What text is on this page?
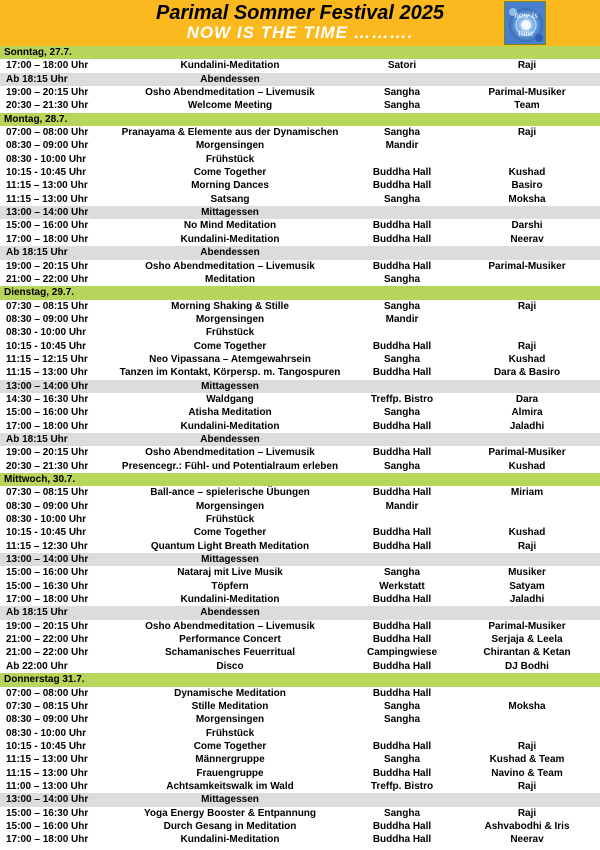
Parimal Sommer Festival 2025
NOW IS THE TIME ……….
now is
time
Sonntag, 27.7.
17:00 – 18:00 Uhr	Kundalini-Meditation	Satori	Raji
Ab 18:15 Uhr	Abendessen
19:00 – 20:15 Uhr	Osho Abendmeditation – Livemusik	Sangha	Parimal-Musiker
20:30 – 21:30 Uhr	Welcome Meeting	Sangha	Team
Montag, 28.7.
07:00 – 08:00 Uhr	Pranayama & Elemente aus der Dynamischen	Sangha	Raji
08:30 – 09:00 Uhr	Morgensingen	Mandir
08:30 - 10:00 Uhr	Frühstück
10:15 - 10:45 Uhr	Come Together	Buddha Hall	Kushad
11:15 – 13:00 Uhr	Morning Dances	Buddha Hall	Basiro
11:15 – 13:00 Uhr	Satsang	Sangha	Moksha
13:00 – 14:00 Uhr	Mittagessen
15:00 – 16:00 Uhr	No Mind Meditation	Buddha Hall	Darshi
17:00 – 18:00 Uhr	Kundalini-Meditation	Buddha Hall	Neerav
Ab 18:15 Uhr	Abendessen
19:00 – 20:15 Uhr	Osho Abendmeditation – Livemusik	Buddha Hall	Parimal-Musiker
21:00 – 22:00 Uhr	Meditation	Sangha
Dienstag, 29.7.
07:30 – 08:15 Uhr	Morning Shaking & Stille	Sangha	Raji
08:30 – 09:00 Uhr	Morgensingen	Mandir
08:30 - 10:00 Uhr	Frühstück
10:15 - 10:45 Uhr	Come Together	Buddha Hall	Raji
11:15 – 12:15 Uhr	Neo Vipassana – Atemgewahrsein	Sangha	Kushad
11:15 – 13:00 Uhr	Tanzen im Kontakt, Körpersp. m. Tangospuren	Buddha Hall	Dara & Basiro
13:00 – 14:00 Uhr	Mittagessen
14:30 – 16:30 Uhr	Waldgang	Treffp. Bistro	Dara
15:00 – 16:00 Uhr	Atisha Meditation	Sangha	Almira
17:00 – 18:00 Uhr	Kundalini-Meditation	Buddha Hall	Jaladhi
Ab 18:15 Uhr	Abendessen
19:00 – 20:15 Uhr	Osho Abendmeditation – Livemusik	Buddha Hall	Parimal-Musiker
20:30 – 21:30 Uhr	Presencegr.: Fühl- und Potentialraum erleben	Sangha	Kushad
Mittwoch, 30.7.
07:30 – 08:15 Uhr	Ball-ance – spielerische Übungen	Buddha Hall	Miriam
08:30 – 09:00 Uhr	Morgensingen	Mandir
08:30 - 10:00 Uhr	Frühstück
10:15 - 10:45 Uhr	Come Together	Buddha Hall	Kushad
11:15 – 12:30 Uhr	Quantum Light Breath Meditation	Buddha Hall	Raji
13:00 – 14:00 Uhr	Mittagessen
15:00 – 16:00 Uhr	Nataraj mit Live Musik	Sangha	Musiker
15:00 – 16:30 Uhr	Töpfern	Werkstatt	Satyam
17:00 – 18:00 Uhr	Kundalini-Meditation	Buddha Hall	Jaladhi
Ab 18:15 Uhr	Abendessen
19:00 – 20:15 Uhr	Osho Abendmeditation – Livemusik	Buddha Hall	Parimal-Musiker
21:00 – 22:00 Uhr	Performance Concert	Buddha Hall	Serjaja & Leela
21:00 – 22:00 Uhr	Schamanisches Feuerritual	Campingwiese	Chirantan & Ketan
Ab 22:00 Uhr	Disco	Buddha Hall	DJ Bodhi
Donnerstag 31.7.
07:00 – 08:00 Uhr	Dynamische Meditation	Buddha Hall
07:30 – 08:15 Uhr	Stille Meditation	Sangha	Moksha
08:30 – 09:00 Uhr	Morgensingen	Sangha
08:30 - 10:00 Uhr	Frühstück
10:15 - 10:45 Uhr	Come Together	Buddha Hall	Raji
11:15 – 13:00 Uhr	Männergruppe	Sangha	Kushad & Team
11:15 – 13:00 Uhr	Frauengruppe	Buddha Hall	Navino & Team
11:00 – 13:00 Uhr	Achtsamkeitswalk im Wald	Treffp. Bistro	Raji
13:00 – 14:00 Uhr	Mittagessen
15:00 – 16:30 Uhr	Yoga Energy Booster & Entpannung	Sangha	Raji
15:00 – 16:00 Uhr	Durch Gesang in Meditation	Buddha Hall	Ashvabodhi & Iris
17:00 – 18:00 Uhr	Kundalini-Meditation	Buddha Hall	Neerav
